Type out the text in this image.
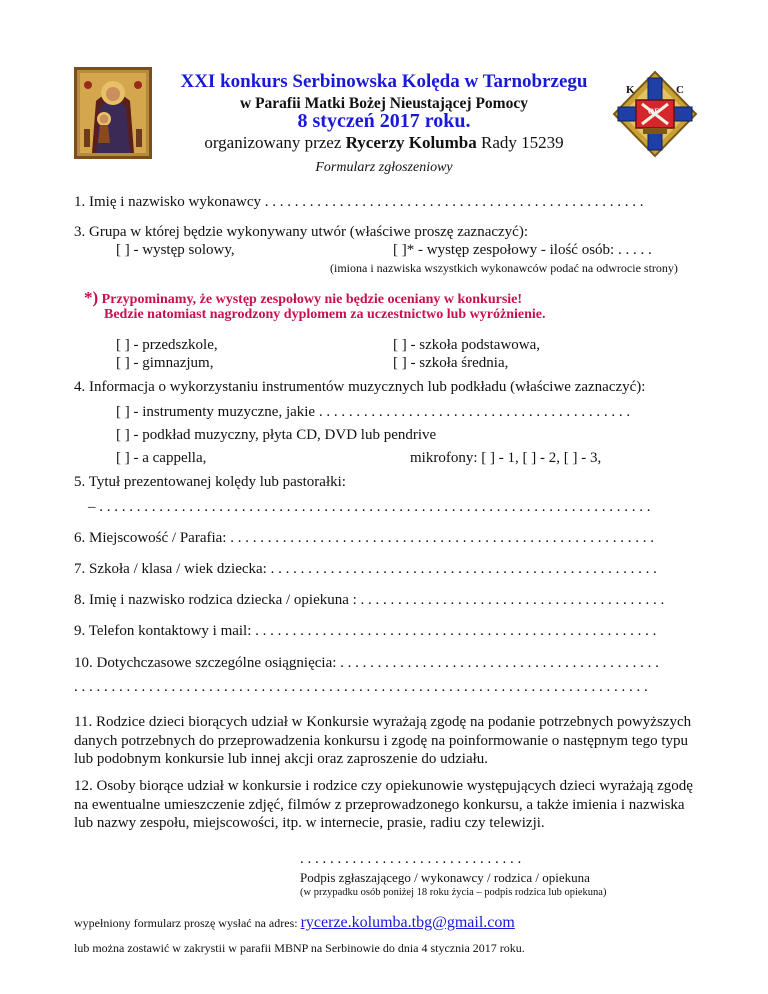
K
OF
C
XXI konkurs Serbinowska Kolęda w Tarnobrzegu
w Parafii Matki Bożej Nieustającej Pomocy
8 styczeń 2017 roku.
organizowany przez Rycerzy Kolumba Rady 15239
Formularz zgłoszeniowy
1. Imię i nazwisko wykonawcy . . . . . . . . . . . . . . . . . . . . . . . . . . . . . . . . . . . . . . . . . . . . . . . . . . .
3. Grupa w której będzie wykonywany utwór (właściwe proszę zaznaczyć):
[ ] - występ solowy,	[ ]* - występ zespołowy - ilość osób: . . . . .
(imiona i nazwiska wszystkich wykonawców podać na odwrocie strony)
*) Przypominamy, że występ zespołowy nie będzie oceniany w konkursie!
Bedzie natomiast nagrodzony dyplomem za uczestnictwo lub wyróżnienie.
[ ] - przedszkole,
[ ] - gimnazjum,
[ ] - szkoła podstawowa,
[ ] - szkoła średnia,
4. Informacja o wykorzystaniu instrumentów muzycznych lub podkładu (właściwe zaznaczyć):
[ ] - instrumenty muzyczne, jakie . . . . . . . . . . . . . . . . . . . . . . . . . . . . . . . . . . . . . . . . . .
[ ] - podkład muzyczny, płyta CD, DVD lub pendrive
[ ] - a cappella,	mikrofony: [ ] - 1, [ ] - 2, [ ] - 3,
5. Tytuł prezentowanej kolędy lub pastorałki:
– . . . . . . . . . . . . . . . . . . . . . . . . . . . . . . . . . . . . . . . . . . . . . . . . . . . . . . . . . . . . . . . . . . . . . . . . . .
6. Miejscowość / Parafia: . . . . . . . . . . . . . . . . . . . . . . . . . . . . . . . . . . . . . . . . . . . . . . . . . . . . . . . . .
7. Szkoła / klasa / wiek dziecka: . . . . . . . . . . . . . . . . . . . . . . . . . . . . . . . . . . . . . . . . . . . . . . . . . . . .
8. Imię i nazwisko rodzica dziecka / opiekuna : . . . . . . . . . . . . . . . . . . . . . . . . . . . . . . . . . . . . . . . . .
9. Telefon kontaktowy i mail: . . . . . . . . . . . . . . . . . . . . . . . . . . . . . . . . . . . . . . . . . . . . . . . . . . . . . .
10. Dotychczasowe szczególne osiągnięcia: . . . . . . . . . . . . . . . . . . . . . . . . . . . . . . . . . . . . . . . . . . .
. . . . . . . . . . . . . . . . . . . . . . . . . . . . . . . . . . . . . . . . . . . . . . . . . . . . . . . . . . . . . . . . . . . . . . . . . . . . .
11. Rodzice dzieci biorących udział w Konkursie wyrażają zgodę na podanie potrzebnych powyższych danych potrzebnych do przeprowadzenia konkursu i zgodę na poinformowanie o następnym tego typu lub podobnym konkursie lub innej akcji oraz zaproszenie do udziału.
12. Osoby biorące udział w konkursie i rodzice czy opiekunowie występujących dzieci wyrażają zgodę na ewentualne umieszczenie zdjęć, filmów z przeprowadzonego konkursu, a także imienia i nazwiska lub nazwy zespołu, miejscowości, itp. w internecie, prasie, radiu czy telewizji.
. . . . . . . . . . . . . . . . . . . . . . . . . . . . . .
Podpis zgłaszającego / wykonawcy / rodzica / opiekuna
(w przypadku osób poniżej 18 roku życia – podpis rodzica lub opiekuna)
wypełniony formularz proszę wysłać na adres: rycerze.kolumba.tbg@gmail.com
lub można zostawić w zakrystii w parafii MBNP na Serbinowie do dnia 4 stycznia 2017 roku.
